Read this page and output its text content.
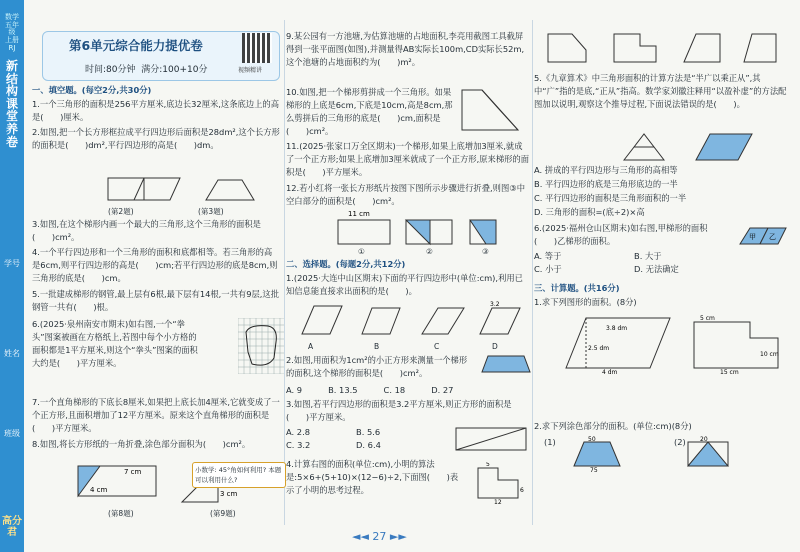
数学五年级 上册 RJ
新结构课堂养卷
学号
姓名
班级
高分君
第6单元综合能力提优卷
时间:80分钟 满分:100+10分	视频精讲
一、填空题。(每空2分,共30分)
1.一个三角形的面积是256平方厘米,底边长32厘米,这条底边上的高是(　　)厘米。
2.如图,把一个长方形框拉成平行四边形后面积是28dm²,这个长方形的面积是(　　)dm²,平行四边形的高是(　　)dm。
(第2题)	(第3题)
3.如图,在这个梯形内画一个最大的三角形,这个三角形的面积是(　　)cm²。
4.一个平行四边形和一个三角形的面积和底都相等。若三角形的高是6cm,则平行四边形的高是(　　)cm;若平行四边形的底是8cm,则三角形的底是(　　)cm。
5.一批建成梯形的钢管,最上层有6根,最下层有14根,一共有9层,这批钢管一共有(　　)根。
6.(2025·泉州南安市期末)如右图,一个“拳头”图案被画在方格纸上,若图中每个小方格的面积都是1平方厘米,则这个“拳头”图案的面积大约是(　　)平方厘米。
7.一个直角梯形的下底长8厘米,如果把上底长加4厘米,它就变成了一个正方形,且面积增加了12平方厘米。原来这个直角梯形的面积是(　　)平方厘米。
8.如图,将长方形纸的一角折叠,涂色部分面积为(　　)cm²。
7 cm
4 cm
(第8题)
3 cm
小数学: 45°角如何利用? 本题可以利用什么?
(第9题)
9.某公园有一方池塘,为估算池塘的占地面积,李亮用截图工具截屏得到一张平面图(如图),并测量得AB实际长100m,CD实际长52m,这个池塘的占地面积约为(　　)m²。
10.如图,把一个梯形剪拼成一个三角形。如果梯形的上底是6cm,下底是10cm,高是8cm,那么剪拼后的三角形的底是(　　)cm,面积是(　　)cm²。
11.(2025·张家口万全区期末)一个梯形,如果上底增加3厘米,就成了一个正方形;如果上底增加3厘米就成了一个正方形,原来梯形的面积是(　　)平方厘米。
12.若小红将一张长方形纸片按图下图所示步骤进行折叠,则图③中空白部分的面积是(　　)cm²。
11 cm
①	②	③
二、选择题。(每题2分,共12分)
1.(2025·大连中山区期末)下面的平行四边形中(单位:cm),利用已知信息能直接求出面积的是(　　)。
3.2
A	B	C	D
2.如图,用面积为1cm²的小正方形来测量一个梯形的面积,这个梯形的面积是(　　)cm²。
A. 9	B. 13.5	C. 18	D. 27
3.如图,若平行四边形的面积是3.2平方厘米,则正方形的面积是(　　)平方厘米。
A. 2.8	B. 5.6
C. 3.2	D. 6.4
4.计算右图的面积(单位:cm),小明的算法是:5×6+(5+10)×(12−6)÷2,下面图(　　)表示了小明的思考过程。
5
6
12
5.《九章算术》中三角形面积的计算方法是“半广以乘正从”,其中“广”指的是底,“正从”指高。数学家刘徽注释用“以盈补虚”的方法配图加以说明,观察这个推导过程,下面说法错误的是(　　)。
A. 拼成的平行四边形与三角形的高相等
B. 平行四边形的底是三角形底边的一半
C. 平行四边形的面积是三角形面积的一半
D. 三角形的面积=(底÷2)×高
6.(2025·福州仓山区期末)如右图,甲梯形的面积(　　)乙梯形的面积。	甲 乙
A. 等于	B. 大于
C. 小于	D. 无法确定
三、计算题。(共16分)
1.求下列图形的面积。(8分)
3.8 dm
2.5 dm
4 dm
5 cm
10 cm
15 cm
2.求下列涂色部分的面积。(单位:cm)(8分)
(1)	(2)
50
75
20
◄◄ 27 ►►
